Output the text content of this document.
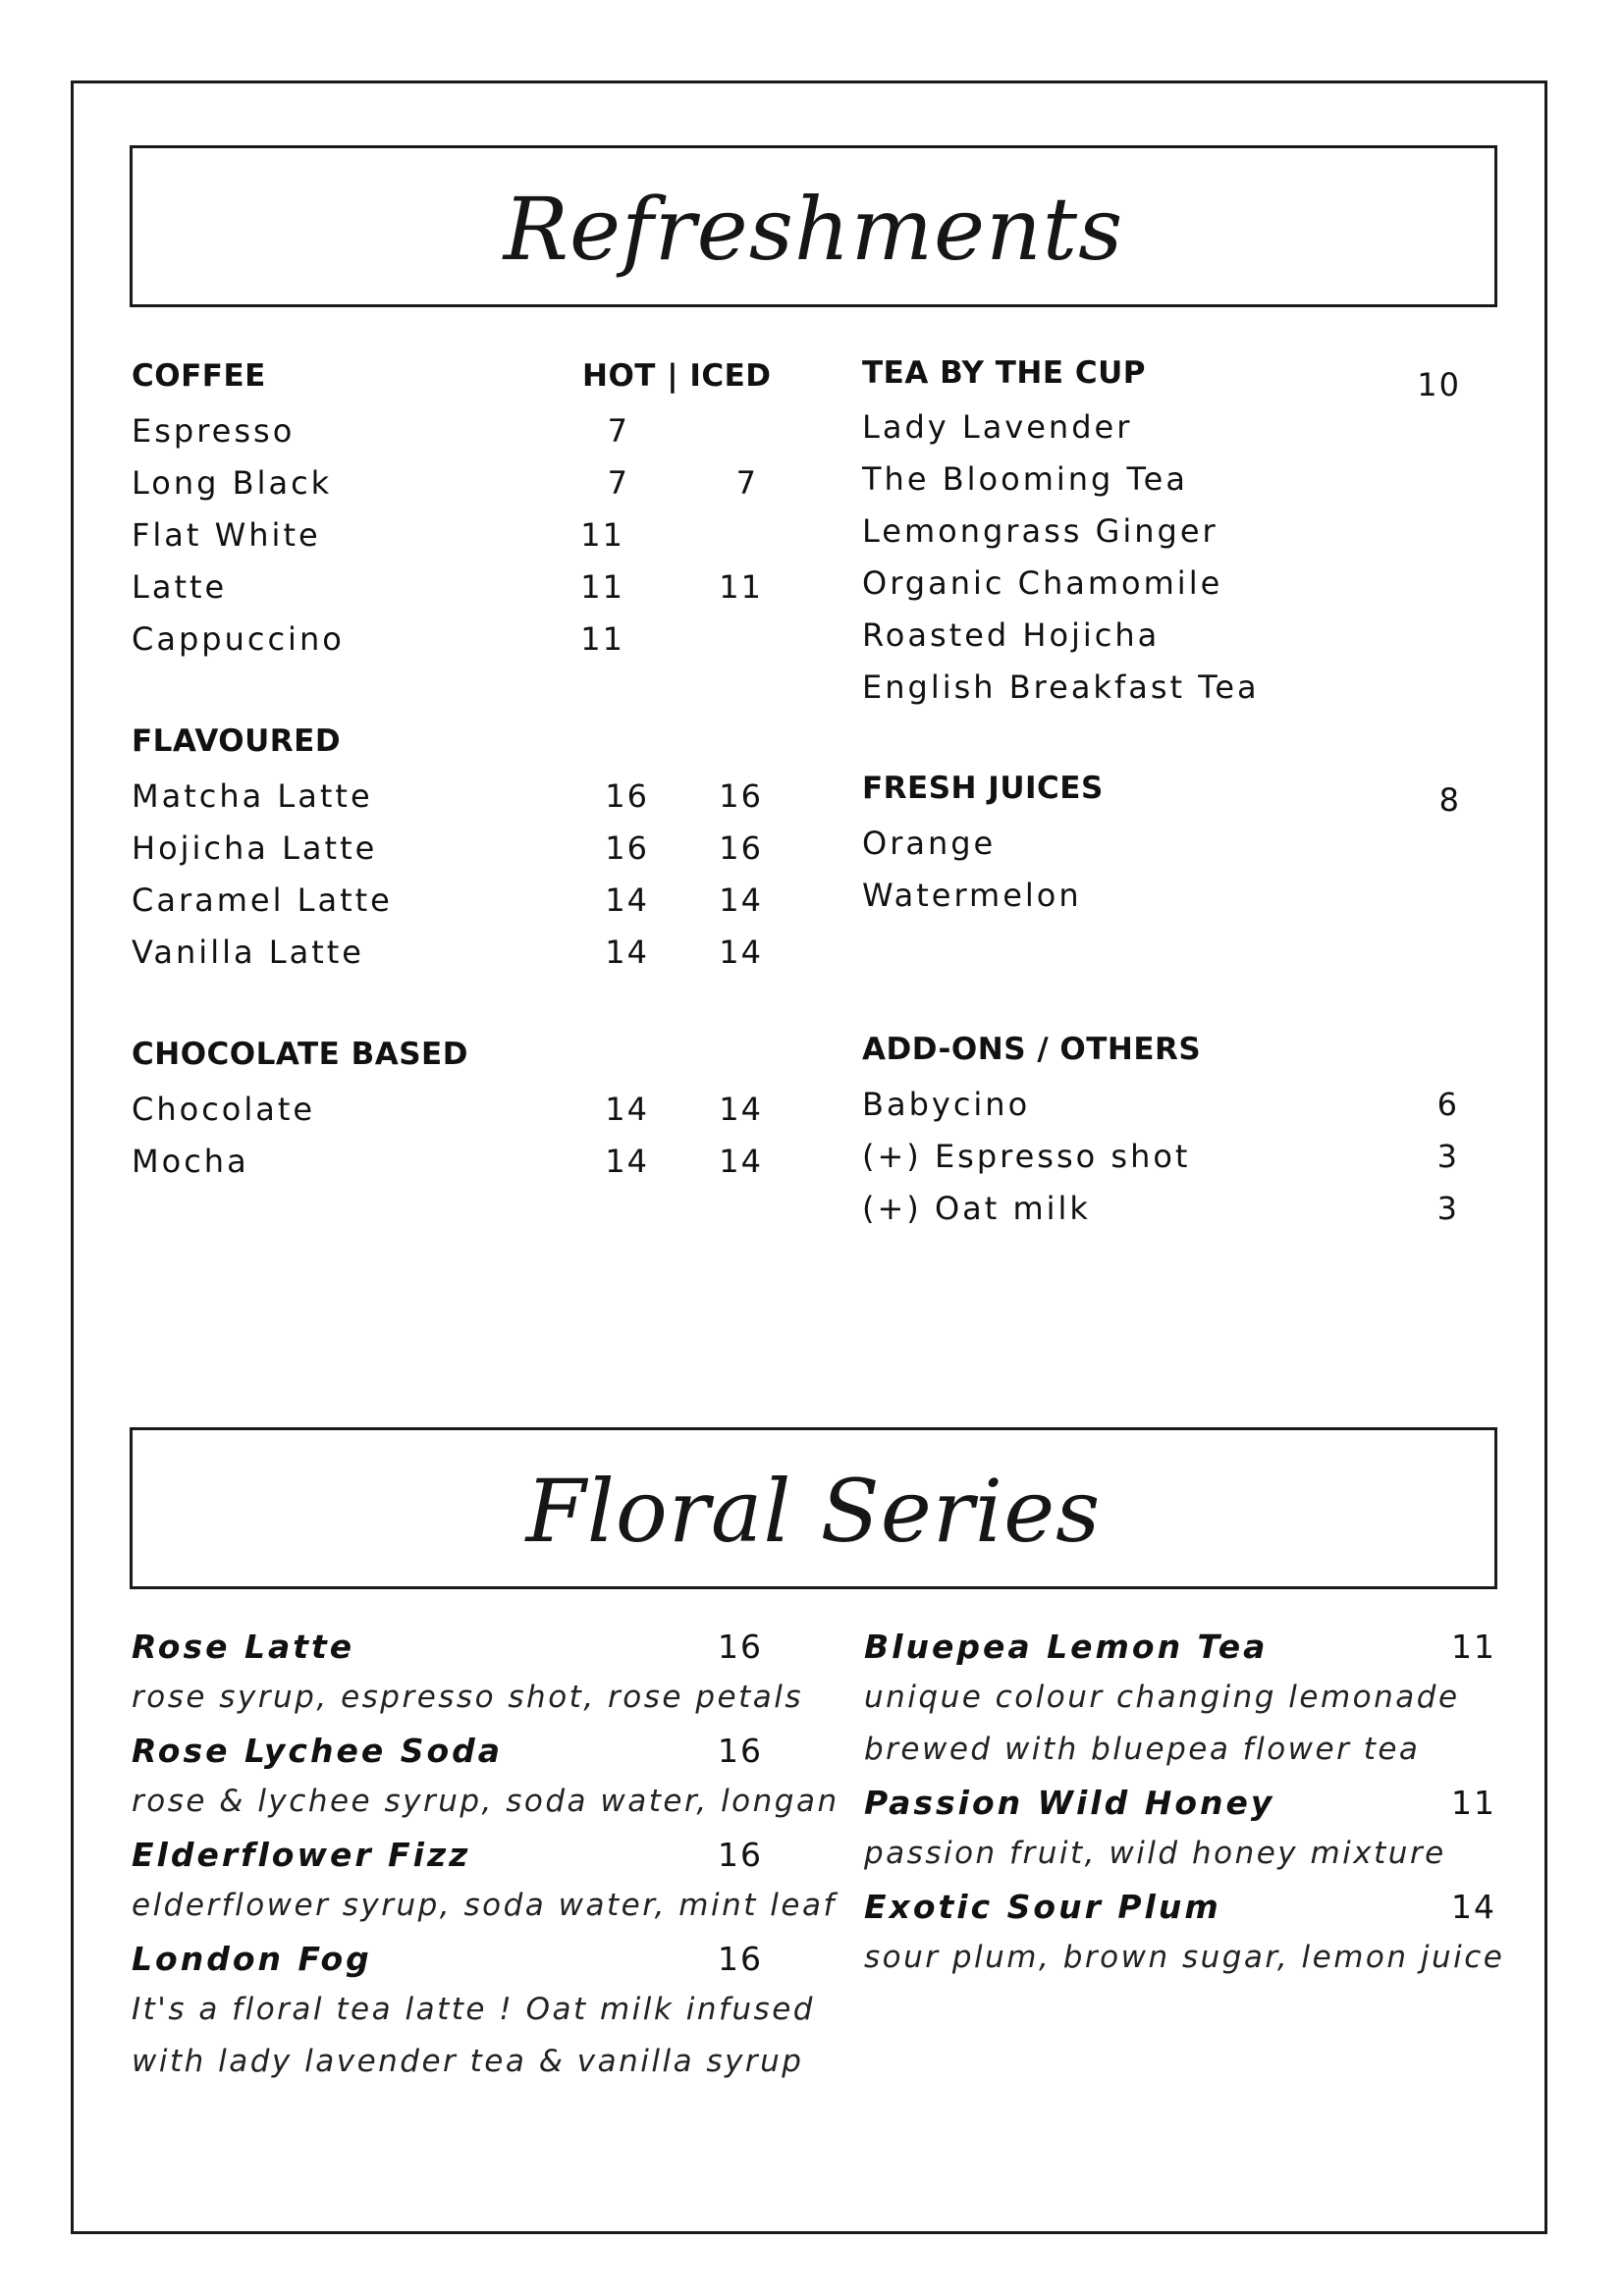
Refreshments
COFFEE	HOT | ICED
Espresso	7
Long Black	7	7
Flat White	11
Latte	11	11
Cappuccino	11
FLAVOURED
Matcha Latte	16 16
Hojicha Latte	16 16
Caramel Latte	14 14
Vanilla Latte	14 14
CHOCOLATE BASED
Chocolate	14 14
Mocha	14 14
TEA BY THE CUP	10
Lady Lavender
The Blooming Tea
Lemongrass Ginger
Organic Chamomile
Roasted Hojicha
English Breakfast Tea
FRESH JUICES	8
Orange
Watermelon
ADD-ONS / OTHERS
Babycino	6
(+) Espresso shot	3
(+) Oat milk	3
Floral Series
Rose Latte	16
rose syrup, espresso shot, rose petals
Rose Lychee Soda	16
rose & lychee syrup, soda water, longan
Elderflower Fizz	16
elderflower syrup, soda water, mint leaf
London Fog	16
It's a floral tea latte ! Oat milk infused
with lady lavender tea & vanilla syrup
Bluepea Lemon Tea	11
unique colour changing lemonade
brewed with bluepea flower tea
Passion Wild Honey	11
passion fruit, wild honey mixture
Exotic Sour Plum	14
sour plum, brown sugar, lemon juice
